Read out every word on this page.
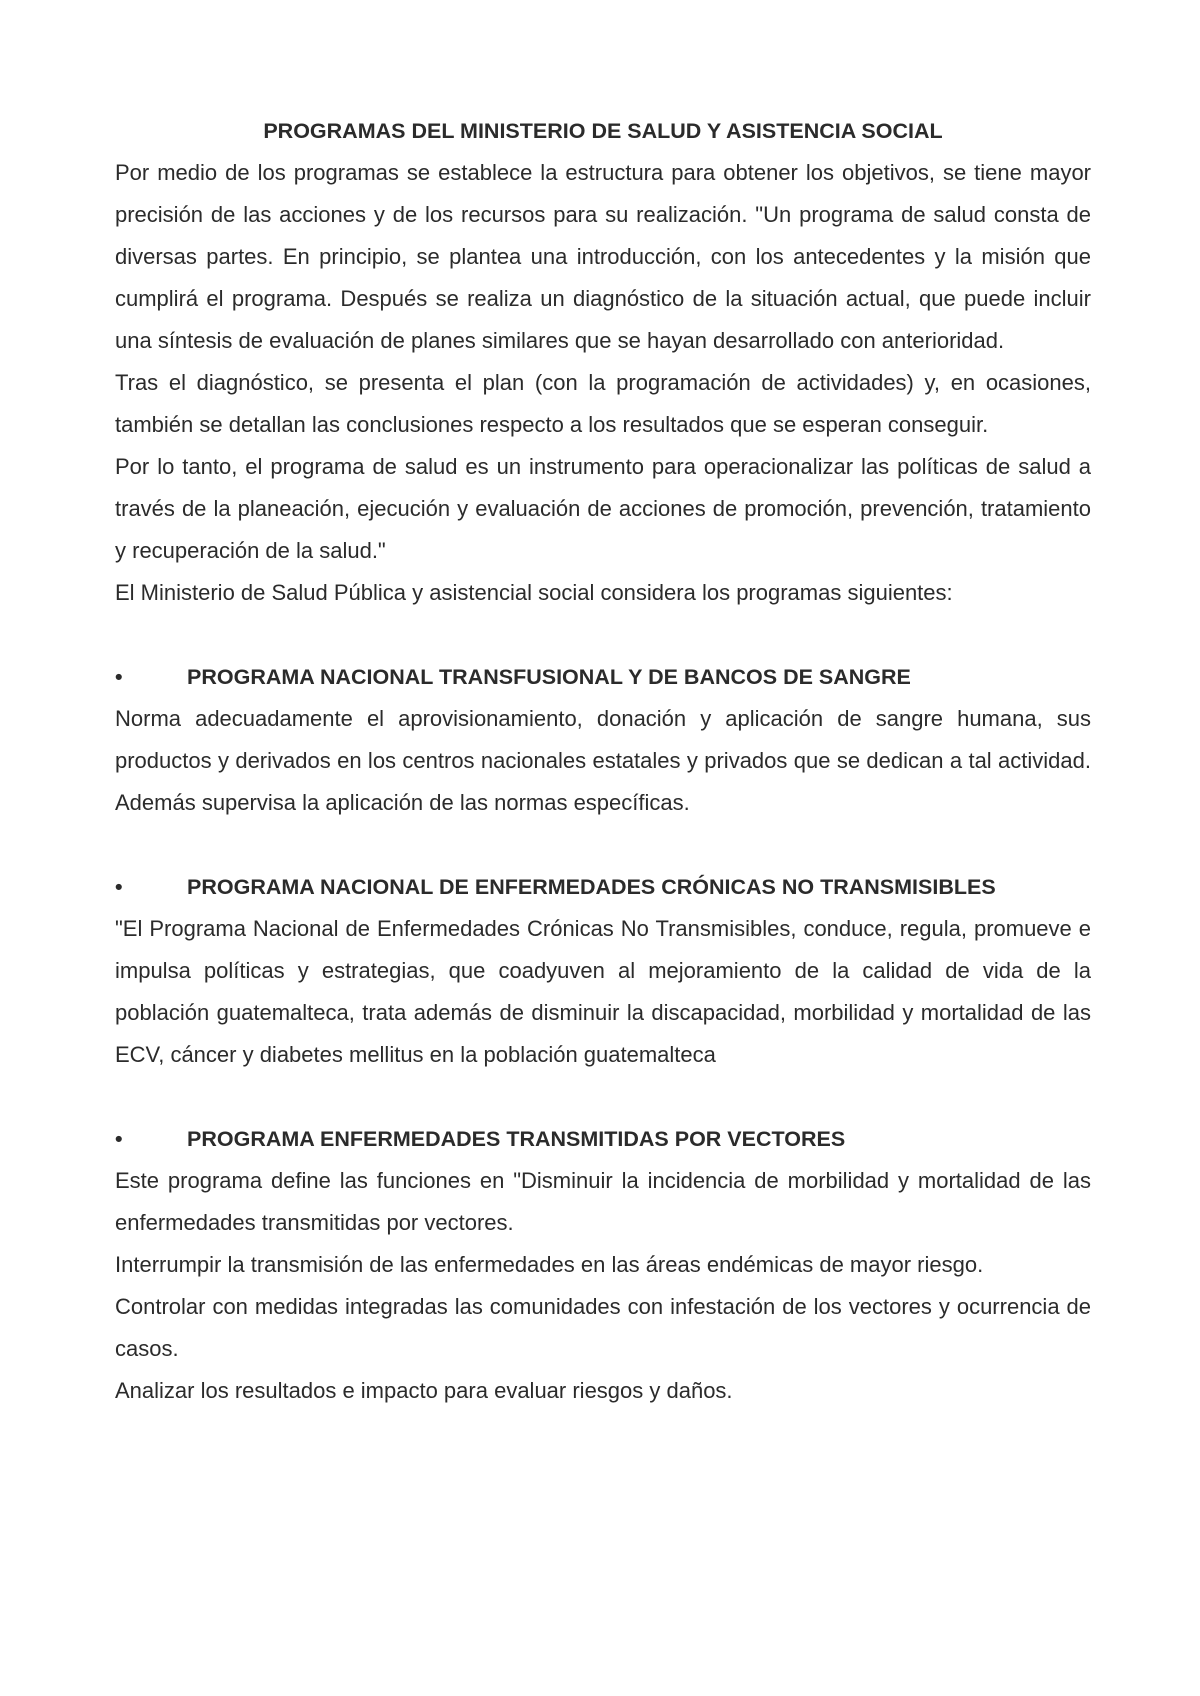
PROGRAMAS DEL MINISTERIO DE SALUD Y ASISTENCIA SOCIAL

Por medio de los programas se establece la estructura para obtener los objetivos, se tiene mayor precisión de las acciones y de los recursos para su realización. "Un programa de salud consta de diversas partes. En principio, se plantea una introducción, con los antecedentes y la misión que cumplirá el programa. Después se realiza un diagnóstico de la situación actual, que puede incluir una síntesis de evaluación de planes similares que se hayan desarrollado con anterioridad.

Tras el diagnóstico, se presenta el plan (con la programación de actividades) y, en ocasiones, también se detallan las conclusiones respecto a los resultados que se esperan conseguir.

Por lo tanto, el programa de salud es un instrumento para operacionalizar las políticas de salud a través de la planeación, ejecución y evaluación de acciones de promoción, prevención, tratamiento y recuperación de la salud."

El Ministerio de Salud Pública y asistencial social considera los programas siguientes:

•	PROGRAMA NACIONAL TRANSFUSIONAL Y DE BANCOS DE SANGRE

Norma adecuadamente el aprovisionamiento, donación y aplicación de sangre humana, sus productos y derivados en los centros nacionales estatales y privados que se dedican a tal actividad. Además supervisa la aplicación de las normas específicas.

•	PROGRAMA NACIONAL DE ENFERMEDADES CRÓNICAS NO TRANSMISIBLES

"El Programa Nacional de Enfermedades Crónicas No Transmisibles, conduce, regula, promueve e impulsa políticas y estrategias, que coadyuven al mejoramiento de la calidad de vida de la población guatemalteca, trata además de disminuir la discapacidad, morbilidad y mortalidad de las ECV, cáncer y diabetes mellitus en la población guatemalteca

•	PROGRAMA ENFERMEDADES TRANSMITIDAS POR VECTORES

Este programa define las funciones en "Disminuir la incidencia de morbilidad y mortalidad de las enfermedades transmitidas por vectores.

Interrumpir la transmisión de las enfermedades en las áreas endémicas de mayor riesgo.

Controlar con medidas integradas las comunidades con infestación de los vectores y ocurrencia de casos.

Analizar los resultados e impacto para evaluar riesgos y daños.
